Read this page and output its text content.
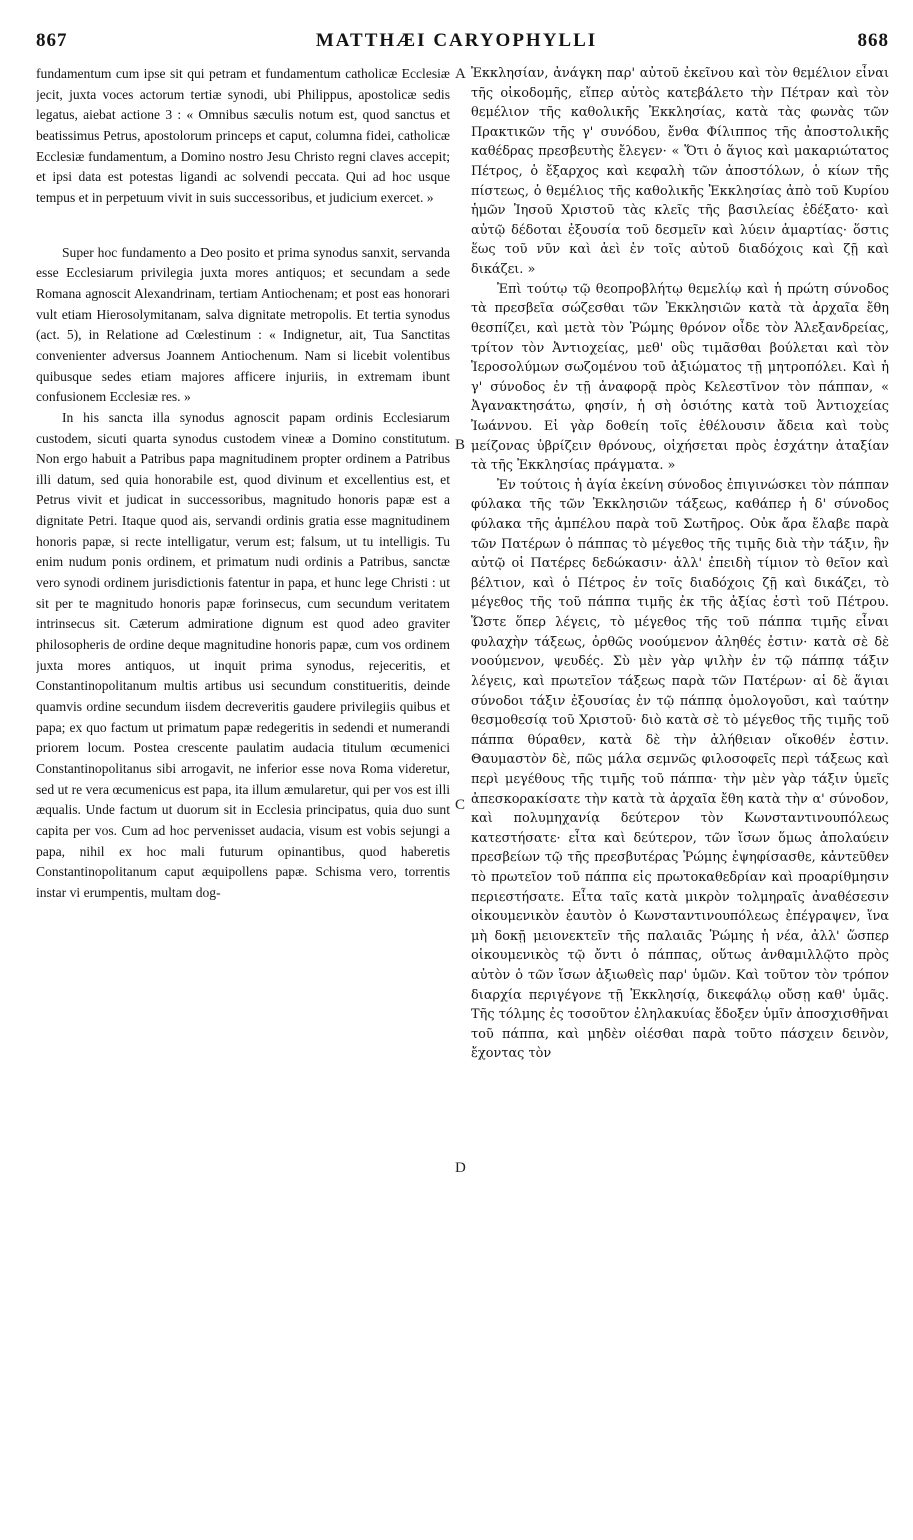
867	MATTHÆI CARYOPHYLLI	868

fundamentum cum ipse sit qui petram et fundamentum catholicæ Ecclesiæ jecit, juxta voces actorum tertiæ synodi, ubi Philippus, apostolicæ sedis legatus, aiebat actione 3 : « Omnibus sæculis notum est, quod sanctus et beatissimus Petrus, apostolorum princeps et caput, columna fidei, catholicæ Ecclesiæ fundamentum, a Domino nostro Jesu Christo regni claves accepit; et ipsi data est potestas ligandi ac solvendi peccata. Qui ad hoc usque tempus et in perpetuum vivit in suis successoribus, et judicium exercet. »

Super hoc fundamento a Deo posito et prima synodus sanxit, servanda esse Ecclesiarum privilegia juxta mores antiquos; et secundam a sede Romana agnoscit Alexandrinam, tertiam Antiochenam; et post eas honorari vult etiam Hierosolymitanam, salva dignitate metropolis. Et tertia synodus (act. 5), in Relatione ad Cœlestinum : « Indignetur, ait, Tua Sanctitas convenienter adversus Joannem Antiochenum. Nam si licebit volentibus quibusque sedes etiam majores afficere injuriis, in extremam ibunt confusionem Ecclesiæ res. »

In his sancta illa synodus agnoscit papam ordinis Ecclesiarum custodem, sicuti quarta synodus custodem vineæ a Domino constitutum. Non ergo habuit a Patribus papa magnitudinem propter ordinem a Patribus illi datum, sed quia honorabile est, quod divinum et excellentius est, et Petrus vivit et judicat in successoribus, magnitudo honoris papæ est a dignitate Petri. Itaque quod ais, servandi ordinis gratia esse magnitudinem honoris papæ, si recte intelligatur, verum est; falsum, ut tu intelligis. Tu enim nudum ponis ordinem, et primatum nudi ordinis a Patribus, sanctæ vero synodi ordinem jurisdictionis fatentur in papa, et hunc lege Christi : ut sit per te magnitudo honoris papæ forinsecus, cum secundum veritatem intrinsecus sit. Cæterum admiratione dignum est quod adeo graviter philosopheris de ordine deque magnitudine honoris papæ, cum vos ordinem juxta mores antiquos, ut inquit prima synodus, rejeceritis, et Constantinopolitanum multis artibus usi secundum constitueritis, deinde quamvis ordine secundum iisdem decreveritis gaudere privilegiis quibus et papa; ex quo factum ut primatum papæ redegeritis in sedendi et numerandi priorem locum. Postea crescente paulatim audacia titulum œcumenici Constantinopolitanus sibi arrogavit, ne inferior esse nova Roma videretur, sed ut re vera œcumenicus est papa, ita illum æmularetur, qui per vos est illi æqualis. Unde factum ut duorum sit in Ecclesia principatus, quia duo sunt capita per vos. Cum ad hoc pervenisset audacia, visum est vobis sejungi a papa, nihil ex hoc mali futurum opinantibus, quod haberetis Constantinopolitanum caput æquipollens papæ. Schisma vero, torrentis instar vi erumpentis, multam dog-

A
B
C
D

Ἐκκλησίαν, ἀνάγκη παρ' αὐτοῦ ἐκεῖνου καὶ τὸν θεμέλιον εἶναι τῆς οἰκοδομῆς, εἴπερ αὐτὸς κατεβάλετο τὴν Πέτραν καὶ τὸν θεμέλιον τῆς καθολικῆς Ἐκκλησίας, κατὰ τὰς φωνὰς τῶν Πρακτικῶν τῆς γ' συνόδου, ἔνθα Φίλιππος τῆς ἀποστολικῆς καθέδρας πρεσβευτὴς ἔλεγεν· « Ὅτι ὁ ἅγιος καὶ μακαριώτατος Πέτρος, ὁ ἔξαρχος καὶ κεφαλὴ τῶν ἀποστόλων, ὁ κίων τῆς πίστεως, ὁ θεμέλιος τῆς καθολικῆς Ἐκκλησίας ἀπὸ τοῦ Κυρίου ἡμῶν Ἰησοῦ Χριστοῦ τὰς κλεῖς τῆς βασιλείας ἐδέξατο· καὶ αὐτῷ δέδοται ἐξουσία τοῦ δεσμεῖν καὶ λύειν ἁμαρτίας· ὅστις ἕως τοῦ νῦν καὶ ἀεὶ ἐν τοῖς αὐτοῦ διαδόχοις καὶ ζῇ καὶ δικάζει. »

Ἐπὶ τούτῳ τῷ θεοπροβλήτῳ θεμελίῳ καὶ ἡ πρώτη σύνοδος τὰ πρεσβεῖα σώζεσθαι τῶν Ἐκκλησιῶν κατὰ τὰ ἀρχαῖα ἔθη θεσπίζει, καὶ μετὰ τὸν Ῥώμης θρόνον οἶδε τὸν Ἀλεξανδρείας, τρίτον τὸν Ἀντιοχείας, μεθ' οὓς τιμᾶσθαι βούλεται καὶ τὸν Ἱεροσολύμων σωζομένου τοῦ ἀξιώματος τῇ μητροπόλει. Καὶ ἡ γ' σύνοδος ἐν τῇ ἀναφορᾷ πρὸς Κελεστῖνον τὸν πάππαν, « Ἀγανακτησάτω, φησίν, ἡ σὴ ὁσιότης κατὰ τοῦ Ἀντιοχείας Ἰωάννου. Εἰ γὰρ δοθείη τοῖς ἐθέλουσιν ἄδεια καὶ τοὺς μείζονας ὑβρίζειν θρόνους, οἰχήσεται πρὸς ἐσχάτην ἀταξίαν τὰ τῆς Ἐκκλησίας πράγματα. »

Ἐν τούτοις ἡ ἁγία ἐκείνη σύνοδος ἐπιγινώσκει τὸν πάππαν φύλακα τῆς τῶν Ἐκκλησιῶν τάξεως, καθάπερ ἡ δ' σύνοδος φύλακα τῆς ἀμπέλου παρὰ τοῦ Σωτῆρος. Οὐκ ἄρα ἔλαβε παρὰ τῶν Πατέρων ὁ πάππας τὸ μέγεθος τῆς τιμῆς διὰ τὴν τάξιν, ἣν αὐτῷ οἱ Πατέρες δεδώκασιν· ἀλλ' ἐπειδὴ τίμιον τὸ θεῖον καὶ βέλτιον, καὶ ὁ Πέτρος ἐν τοῖς διαδόχοις ζῇ καὶ δικάζει, τὸ μέγεθος τῆς τοῦ πάππα τιμῆς ἐκ τῆς ἀξίας ἐστὶ τοῦ Πέτρου. Ὥστε ὅπερ λέγεις, τὸ μέγεθος τῆς τοῦ πάππα τιμῆς εἶναι φυλαχὴν τάξεως, ὀρθῶς νοούμενον ἀληθές ἐστιν· κατὰ σὲ δὲ νοούμενον, ψευδές. Σὺ μὲν γὰρ ψιλὴν ἐν τῷ πάππᾳ τάξιν λέγεις, καὶ πρωτεῖον τάξεως παρὰ τῶν Πατέρων· αἱ δὲ ἅγιαι σύνοδοι τάξιν ἐξουσίας ἐν τῷ πάππᾳ ὁμολογοῦσι, καὶ ταύτην θεσμοθεσίᾳ τοῦ Χριστοῦ· διὸ κατὰ σὲ τὸ μέγεθος τῆς τιμῆς τοῦ πάππα θύραθεν, κατὰ δὲ τὴν ἀλήθειαν οἴκοθέν ἐστιν. Θαυμαστὸν δὲ, πῶς μάλα σεμνῶς φιλοσοφεῖς περὶ τάξεως καὶ περὶ μεγέθους τῆς τιμῆς τοῦ πάππα· τὴν μὲν γὰρ τάξιν ὑμεῖς ἀπεσκορακίσατε τὴν κατὰ τὰ ἀρχαῖα ἔθη κατὰ τὴν α' σύνοδον, καὶ πολυμηχανίᾳ δεύτερον τὸν Κωνσταντινουπόλεως κατεστήσατε· εἶτα καὶ δεύτερον, τῶν ἴσων ὅμως ἀπολαύειν πρεσβείων τῷ τῆς πρεσβυτέρας Ῥώμης ἐψηφίσασθε, κἀντεῦθεν τὸ πρωτεῖον τοῦ πάππα εἰς πρωτοκαθεδρίαν καὶ προαρίθμησιν περιεστήσατε. Εἶτα ταῖς κατὰ μικρὸν τολμηραῖς ἀναθέσεσιν οἰκουμενικὸν ἑαυτὸν ὁ Κωνσταντινουπόλεως ἐπέγραψεν, ἵνα μὴ δοκῇ μειονεκτεῖν τῆς παλαιᾶς Ῥώμης ἡ νέα, ἀλλ' ὥσπερ οἰκουμενικὸς τῷ ὄντι ὁ πάππας, οὕτως ἀνθαμιλλῷτο πρὸς αὐτὸν ὁ τῶν ἴσων ἀξιωθεὶς παρ' ὑμῶν. Καὶ τοῦτον τὸν τρόπον διαρχία περιγέγονε τῇ Ἐκκλησίᾳ, δικεφάλῳ οὔσῃ καθ' ὑμᾶς. Τῆς τόλμης ἐς τοσοῦτον ἐληλακυίας ἔδοξεν ὑμῖν ἀποσχισθῆναι τοῦ πάππα, καὶ μηδὲν οἰέσθαι παρὰ τοῦτο πάσχειν δεινὸν, ἔχοντας τὸν
